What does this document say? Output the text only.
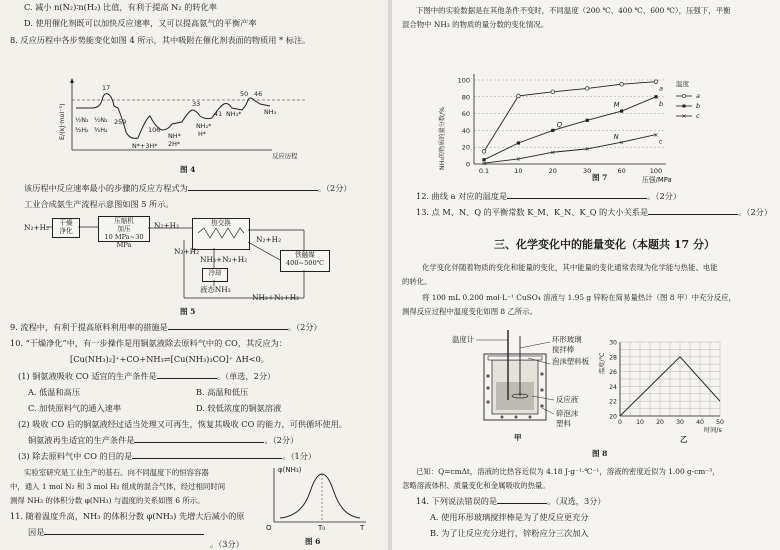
C. 减小 n(N₂)∶n(H₂) 比值，有利于提高 N₂ 的转化率
D. 使用催化剂既可以加快反应速率，又可以提高氨气的平衡产率
8. 反应历程中各步势能变化如图 4 所示，其中吸附在催化剂表面的物质用 * 标注。
17
259
106
33
41
50 46
½N₂
³⁄₂H₂
½N₂
³⁄₂H₂
N*+3H*
NH*
2H*
NH₂*
H*
NH₃*	NH₃
反应历程
E/(kJ·mol⁻¹)
图 4
该历程中反应速率最小的步骤的反应方程式为	。（2分）
工业合成氨生产流程示意图如图 5 所示。
N₂+H₂	干燥
净化
压缩机
加压
10 MPa~30 MPa
N₂+H₂	热交换
铁触媒
400~500℃
冷却
N₂+H₂
NH₃+N₂+H₂
液态NH₃
N₂+H₂
NH₃+N₂+H₂
图 5
9. 流程中，有利于提高原料利用率的措施是	。（2分）
10. “干燥净化”中，有一步操作是用铜氨液除去原料气中的 CO，其反应为：
[Cu(NH₃)₂]⁺+CO+NH₃⇌[Cu(NH₃)₃CO]⁺ ΔH<0。
(1) 铜氨液吸收 CO 适宜的生产条件是	。（单选，2分）
A. 低温和高压	B. 高温和低压
C. 加快原料气的通入速率	D. 较低浓度的铜氨溶液
(2) 吸收 CO 后的铜氨液经过适当处理又可再生，恢复其吸收 CO 的能力，可供循环使用。
铜氨液再生适宜的生产条件是	。（2分）
(3) 除去原料气中 CO 的目的是	。（1分）
实验室研究是工业生产的基石。向不同温度下的恒容容器
中，通入 1 mol N₂ 和 3 mol H₂ 组成的混合气体，经过相同时间
测得 NH₃ 的体积分数 φ(NH₃) 与温度的关系如图 6 所示。
11. 随着温度升高，NH₃ 的体积分数 φ(NH₃) 先增大后减小的原
因是
。（3分）
φ(NH₃)
O	T₀	T
图 6
下图中的实验数据是在其他条件不变时，不同温度（200 ℃、400 ℃、600 ℃），压强下，平衡
混合物中 NH₃ 的物质的量分数的变化情况。
0
20
40
60
80
100
0.1	10	20	30	60	100
压强/MPa
NH₃的物质的量分数/%
a
b
×
×
×	×
×
×
c
M
Q
N
温度
a
b
× c
图 7
12. 曲线 a 对应的温度是	。（2分）
13. 点 M、N、Q 的平衡常数 K_M、K_N、K_Q 的大小关系是	。（2分）
三、化学变化中的能量变化（本题共 17 分）
化学变化伴随着物质的变化和能量的变化，其中能量的变化通常表现为化学能与热能、电能
的转化。
将 100 mL 0.200 mol·L⁻¹ CuSO₄ 溶液与 1.95 g 锌粉在简易量热计（图 8 甲）中充分反应，
测得反应过程中温度变化如图 8 乙所示。
温度计	环形玻璃
搅拌棒
泡沫塑料板
反应液
碎泡沫
塑料
甲
20
22
24
26
28
30
0 10 20 30 40 50
温度/℃
时间/s
乙
图 8
已知：Q=cmΔt，溶液的比热容近似为 4.18 J·g⁻¹·℃⁻¹，溶液的密度近似为 1.00 g·cm⁻³，
忽略溶液体积、质量变化和金属吸收的热量。
14. 下列说法错误的是	。（双选，3分）
A. 使用环形玻璃搅拌棒是为了使反应更充分
B. 为了让反应充分进行，锌粉应分三次加入
